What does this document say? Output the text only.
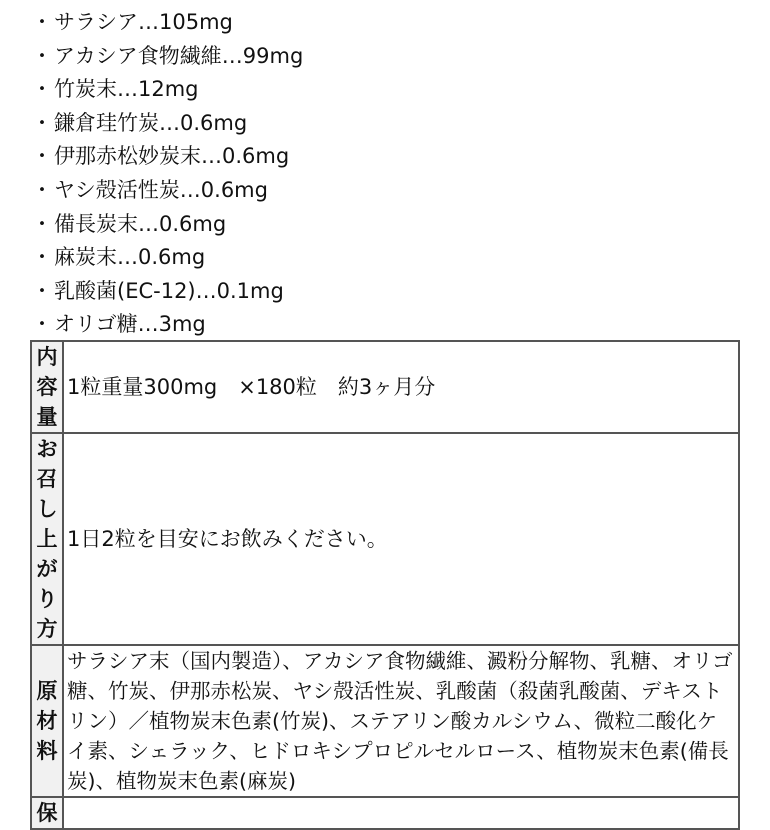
・サラシア…105mg
・アカシア食物繊維…99mg
・竹炭末…12mg
・鎌倉珪竹炭…0.6mg
・伊那赤松妙炭末…0.6mg
・ヤシ殻活性炭…0.6mg
・備長炭末…0.6mg
・麻炭末…0.6mg
・乳酸菌(EC-12)…0.1mg
・オリゴ糖…3mg
内容量	1粒重量300mg　×180粒　約3ヶ月分
お召し上がり方	1日2粒を目安にお飲みください。
原材料	サラシア末（国内製造）、アカシア食物繊維、澱粉分解物、乳糖、オリゴ糖、竹炭、伊那赤松炭、ヤシ殻活性炭、乳酸菌（殺菌乳酸菌、デキストリン）／植物炭末色素(竹炭)、ステアリン酸カルシウム、微粒二酸化ケイ素、シェラック、ヒドロキシプロピルセルロース、植物炭末色素(備長炭)、植物炭末色素(麻炭)
保	
